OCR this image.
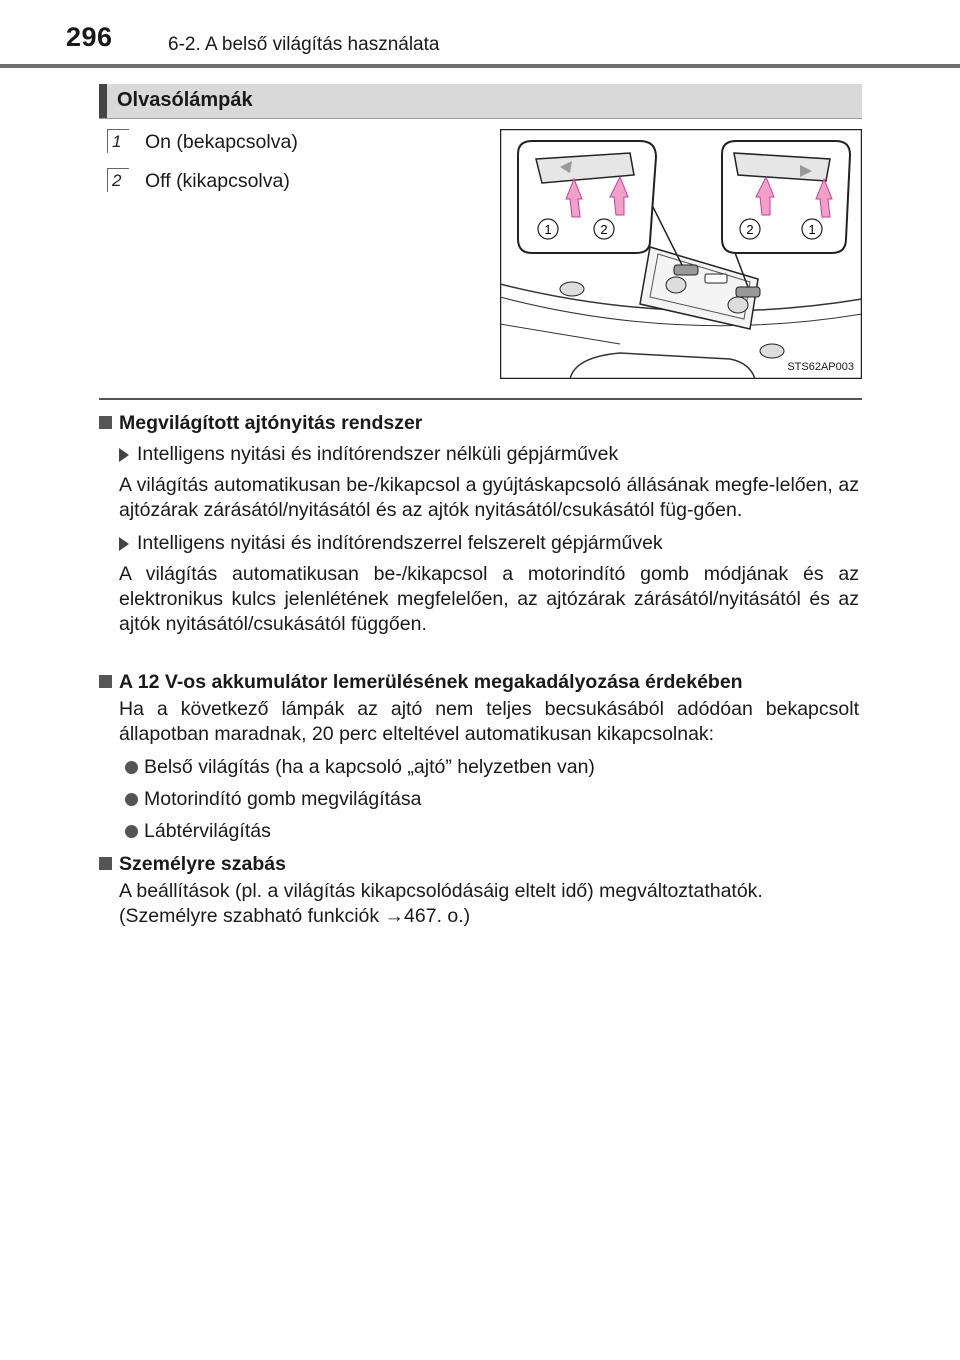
296	6-2. A belső világítás használata
Olvasólámpák
1	On (bekapcsolva)
2	Off (kikapcsolva)
1	2	2	1
STS62AP003
Megvilágított ajtónyitás rendszer
Intelligens nyitási és indítórendszer nélküli gépjárművek
A világítás automatikusan be-/kikapcsol a gyújtáskapcsoló állásának megfe-lelően, az ajtózárak zárásától/nyitásától és az ajtók nyitásától/csukásától füg-gően.
Intelligens nyitási és indítórendszerrel felszerelt gépjárművek
A világítás automatikusan be-/kikapcsol a motorindító gomb módjának és az elektronikus kulcs jelenlétének megfelelően, az ajtózárak zárásától/nyitásától és az ajtók nyitásától/csukásától függően.
A 12 V-os akkumulátor lemerülésének megakadályozása érdekében
Ha a következő lámpák az ajtó nem teljes becsukásából adódóan bekapcsolt állapotban maradnak, 20 perc elteltével automatikusan kikapcsolnak:
Belső világítás (ha a kapcsoló „ajtó” helyzetben van)
Motorindító gomb megvilágítása
Lábtérvilágítás
Személyre szabás
A beállítások (pl. a világítás kikapcsolódásáig eltelt idő) megváltoztathatók.
(Személyre szabható funkciók →467. o.)
